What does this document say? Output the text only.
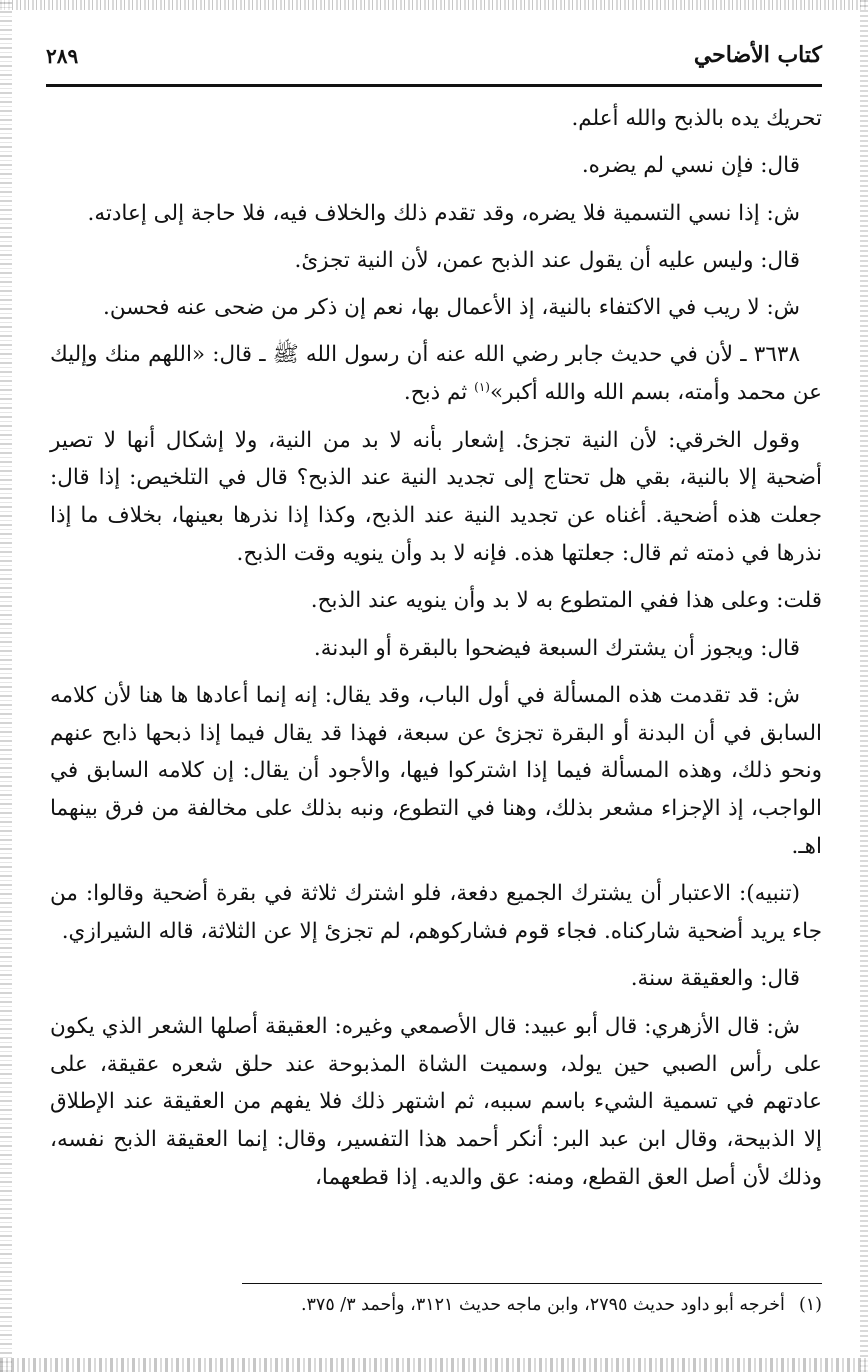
كتاب الأضاحي
٢٨٩

تحريك يده بالذبح والله أعلم.

قال: فإن نسي لم يضره.

ش: إذا نسي التسمية فلا يضره، وقد تقدم ذلك والخلاف فيه، فلا حاجة إلى إعادته.

قال: وليس عليه أن يقول عند الذبح عمن، لأن النية تجزئ.

ش: لا ريب في الاكتفاء بالنية، إذ الأعمال بها، نعم إن ذكر من ضحى عنه فحسن.

٣٦٣٨ ـ لأن في حديث جابر رضي الله عنه أن رسول الله ﷺ ـ قال: «اللهم منك وإليك عن محمد وأمته، بسم الله والله أكبر»$^{(١)}$ ثم ذبح.

وقول الخرقي: لأن النية تجزئ. إشعار بأنه لا بد من النية، ولا إشكال أنها لا تصير أضحية إلا بالنية، بقي هل تحتاج إلى تجديد النية عند الذبح؟ قال في التلخيص: إذا قال: جعلت هذه أضحية. أغناه عن تجديد النية عند الذبح، وكذا إذا نذرها بعينها، بخلاف ما إذا نذرها في ذمته ثم قال: جعلتها هذه. فإنه لا بد وأن ينويه وقت الذبح.

قلت: وعلى هذا ففي المتطوع به لا بد وأن ينويه عند الذبح.

قال: ويجوز أن يشترك السبعة فيضحوا بالبقرة أو البدنة.

ش: قد تقدمت هذه المسألة في أول الباب، وقد يقال: إنه إنما أعادها ها هنا لأن كلامه السابق في أن البدنة أو البقرة تجزئ عن سبعة، فهذا قد يقال فيما إذا ذبحها ذابح عنهم ونحو ذلك، وهذه المسألة فيما إذا اشتركوا فيها، والأجود أن يقال: إن كلامه السابق في الواجب، إذ الإجزاء مشعر بذلك، وهنا في التطوع، ونبه بذلك على مخالفة من فرق بينهما اهـ.

(تنبيه): الاعتبار أن يشترك الجميع دفعة، فلو اشترك ثلاثة في بقرة أضحية وقالوا: من جاء يريد أضحية شاركناه. فجاء قوم فشاركوهم، لم تجزئ إلا عن الثلاثة، قاله الشيرازي.

قال: والعقيقة سنة.

ش: قال الأزهري: قال أبو عبيد: قال الأصمعي وغيره: العقيقة أصلها الشعر الذي يكون على رأس الصبي حين يولد، وسميت الشاة المذبوحة عند حلق شعره عقيقة، على عادتهم في تسمية الشيء باسم سببه، ثم اشتهر ذلك فلا يفهم من العقيقة عند الإطلاق إلا الذبيحة، وقال ابن عبد البر: أنكر أحمد هذا التفسير، وقال: إنما العقيقة الذبح نفسه، وذلك لأن أصل العق القطع، ومنه: عق والديه. إذا قطعهما،

(١)أخرجه أبو داود حديث ٢٧٩٥، وابن ماجه حديث ٣١٢١، وأحمد ٣/ ٣٧٥.
